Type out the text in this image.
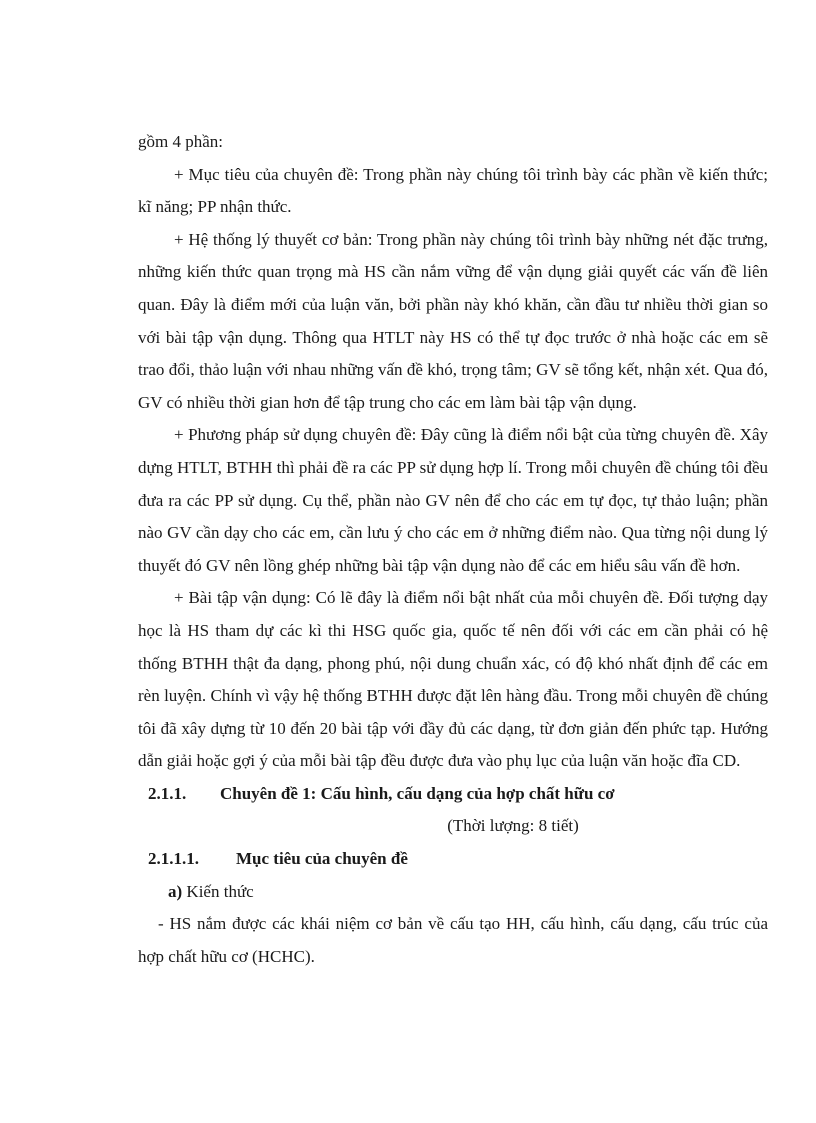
gồm 4 phần:

+ Mục tiêu của chuyên đề: Trong phần này chúng tôi trình bày các phần về kiến thức; kĩ năng; PP nhận thức.

+ Hệ thống lý thuyết cơ bản: Trong phần này chúng tôi trình bày những nét đặc trưng, những kiến thức quan trọng mà HS cần nắm vững để vận dụng giải quyết các vấn đề liên quan. Đây là điểm mới của luận văn, bởi phần này khó khăn, cần đầu tư nhiều thời gian so với bài tập vận dụng. Thông qua HTLT này HS có thể tự đọc trước ở nhà hoặc các em sẽ trao đổi, thảo luận với nhau những vấn đề khó, trọng tâm; GV sẽ tổng kết, nhận xét. Qua đó, GV có nhiều thời gian hơn để tập trung cho các em làm bài tập vận dụng.

+ Phương pháp sử dụng chuyên đề: Đây cũng là điểm nổi bật của từng chuyên đề. Xây dựng HTLT, BTHH thì phải đề ra các PP sử dụng hợp lí. Trong mỗi chuyên đề chúng tôi đều đưa ra các PP sử dụng. Cụ thể, phần nào GV nên để cho các em tự đọc, tự thảo luận; phần nào GV cần dạy cho các em, cần lưu ý cho các em ở những điểm nào. Qua từng nội dung lý thuyết đó GV nên lồng ghép những bài tập vận dụng nào để các em hiểu sâu vấn đề hơn.

+ Bài tập vận dụng: Có lẽ đây là điểm nổi bật nhất của mỗi chuyên đề. Đối tượng dạy học là HS tham dự các kì thi HSG quốc gia, quốc tế nên đối với các em cần phải có hệ thống BTHH thật đa dạng, phong phú, nội dung chuẩn xác, có độ khó nhất định để các em rèn luyện. Chính vì vậy hệ thống BTHH được đặt lên hàng đầu. Trong mỗi chuyên đề chúng tôi đã xây dựng từ 10 đến 20 bài tập với đầy đủ các dạng, từ đơn giản đến phức tạp. Hướng dẫn giải hoặc gợi ý của mỗi bài tập đều được đưa vào phụ lục của luận văn hoặc đĩa CD.

2.1.1. Chuyên đề 1: Cấu hình, cấu dạng của hợp chất hữu cơ

(Thời lượng: 8 tiết)

2.1.1.1. Mục tiêu của chuyên đề

a) Kiến thức

- HS nắm được các khái niệm cơ bản về cấu tạo HH, cấu hình, cấu dạng, cấu trúc của hợp chất hữu cơ (HCHC).
